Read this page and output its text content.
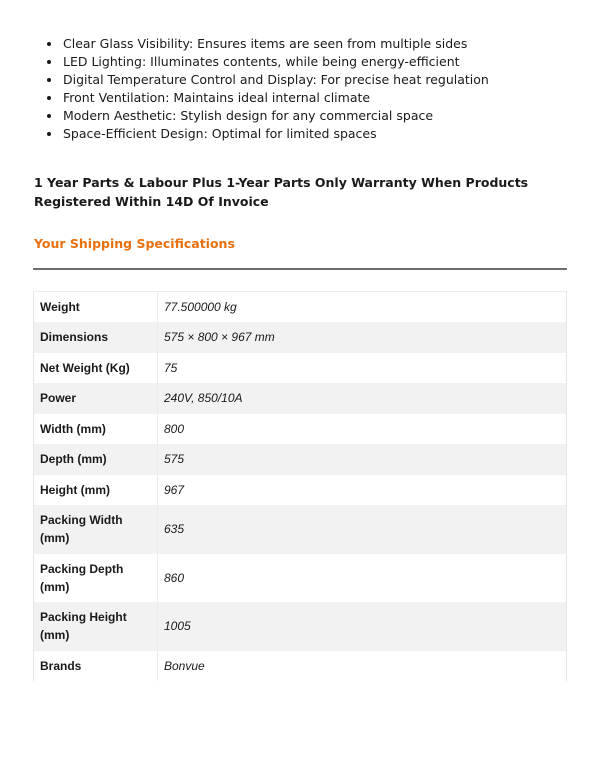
• Clear Glass Visibility: Ensures items are seen from multiple sides
• LED Lighting: Illuminates contents, while being energy-efficient
• Digital Temperature Control and Display: For precise heat regulation
• Front Ventilation: Maintains ideal internal climate
• Modern Aesthetic: Stylish design for any commercial space
• Space-Efficient Design: Optimal for limited spaces

1 Year Parts & Labour Plus 1-Year Parts Only Warranty When Products Registered Within 14D Of Invoice

Your Shipping Specifications
Weight	77.500000 kg
Dimensions	575 × 800 × 967 mm
Net Weight (Kg)	75
Power	240V, 850/10A
Width (mm)	800
Depth (mm)	575
Height (mm)	967
Packing Width (mm)	635
Packing Depth (mm)	860
Packing Height (mm)	1005
Brands	Bonvue
